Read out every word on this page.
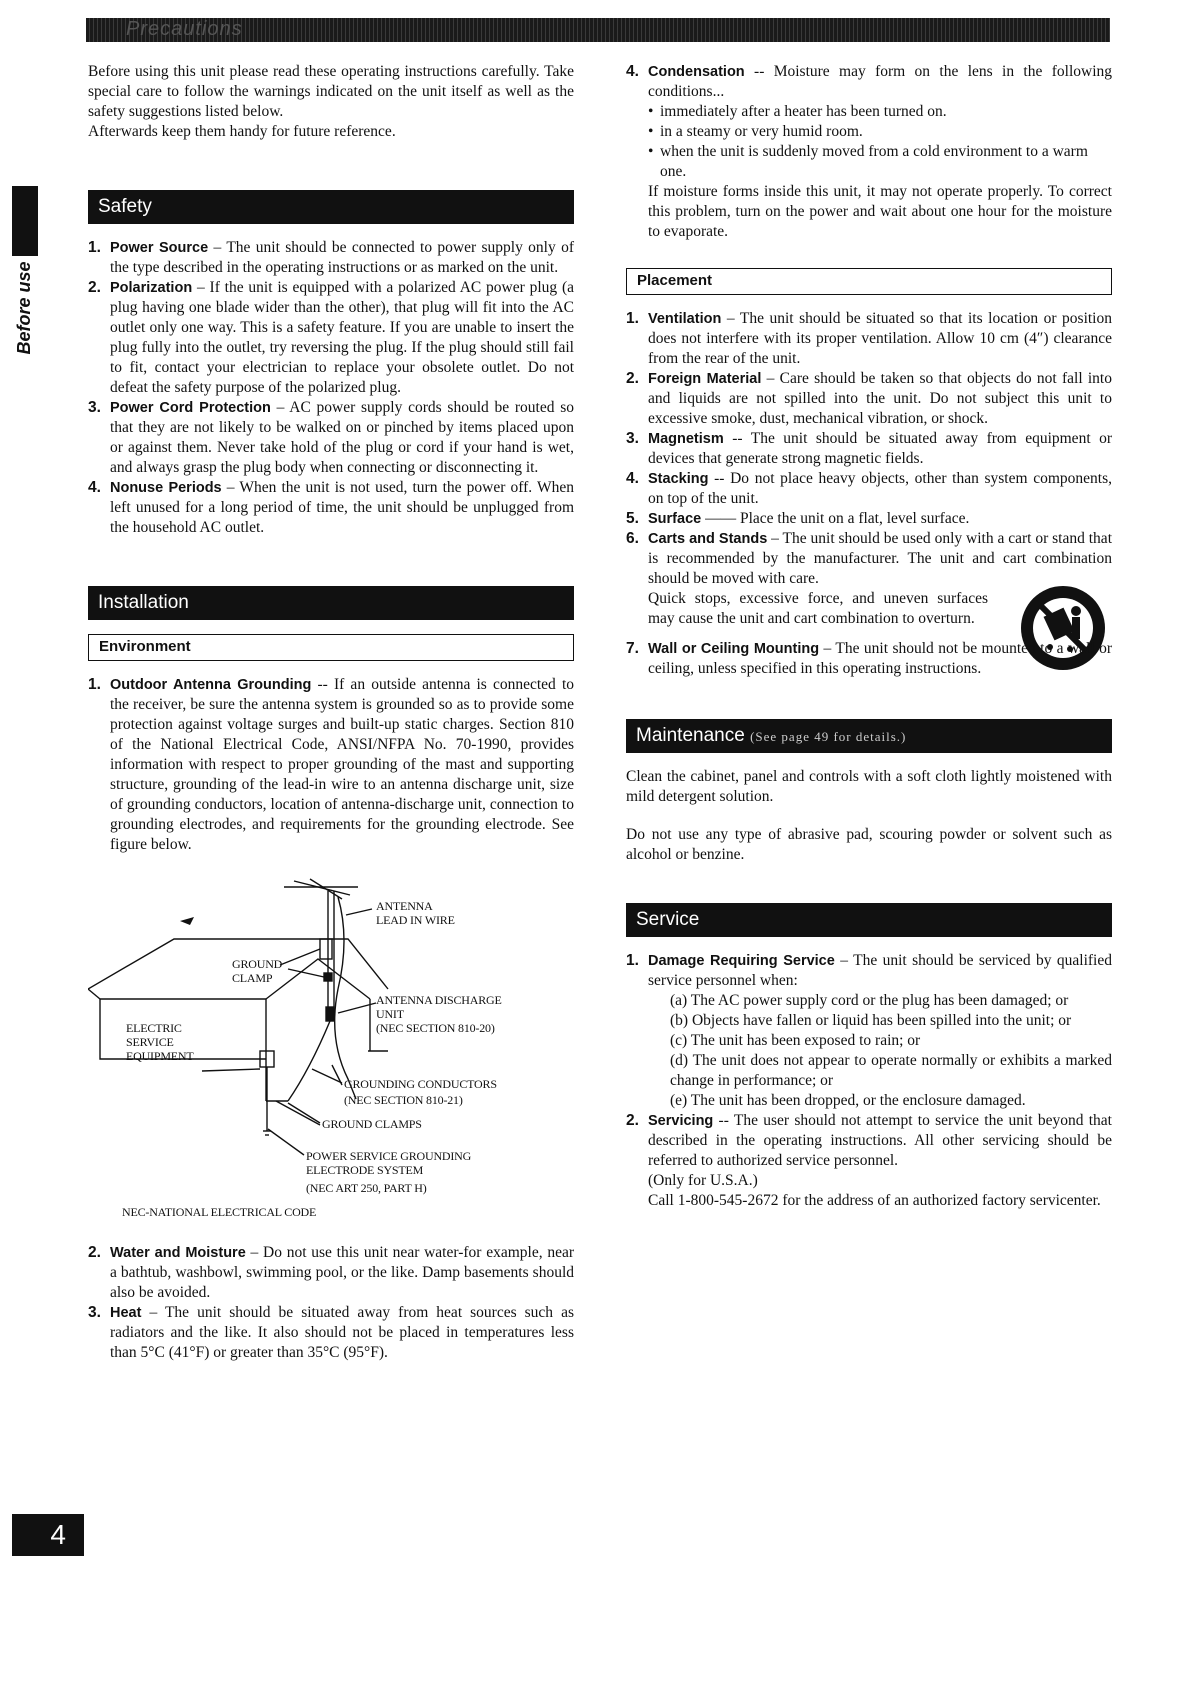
Precautions
Before use

Before using this unit please read these operating instructions carefully. Take special care to follow the warnings indicated on the unit itself as well as the safety suggestions listed below.

Afterwards keep them handy for future reference.

Safety
1. Power Source – The unit should be connected to power supply only of the type described in the operating instructions or as marked on the unit.
2. Polarization – If the unit is equipped with a polarized AC power plug (a plug having one blade wider than the other), that plug will fit into the AC outlet only one way. This is a safety feature. If you are unable to insert the plug fully into the outlet, try reversing the plug. If the plug should still fail to fit, contact your electrician to replace your obsolete outlet. Do not defeat the safety purpose of the polarized plug.
3. Power Cord Protection – AC power supply cords should be routed so that they are not likely to be walked on or pinched by items placed upon or against them. Never take hold of the plug or cord if your hand is wet, and always grasp the plug body when connecting or disconnecting it.
4. Nonuse Periods – When the unit is not used, turn the power off. When left unused for a long period of time, the unit should be unplugged from the household AC outlet.
Installation
Environment
1. Outdoor Antenna Grounding -- If an outside antenna is connected to the receiver, be sure the antenna system is grounded so as to provide some protection against voltage surges and built-up static charges. Section 810 of the National Electrical Code, ANSI/NFPA No. 70-1990, provides information with respect to proper grounding of the mast and supporting structure, grounding of the lead-in wire to an antenna discharge unit, size of grounding conductors, location of antenna-discharge unit, connection to grounding electrodes, and requirements for the grounding electrode. See figure below.
ANTENNA LEAD IN WIRE
GROUND CLAMP
ANTENNA DISCHARGE UNIT
(NEC SECTION 810-20)
ELECTRIC SERVICE EQUIPMENT
GROUNDING CONDUCTORS
(NEC SECTION 810-21)
GROUND CLAMPS
POWER SERVICE GROUNDING ELECTRODE SYSTEM
(NEC ART 250, PART H)
NEC-NATIONAL ELECTRICAL CODE
2. Water and Moisture – Do not use this unit near water-for example, near a bathtub, washbowl, swimming pool, or the like. Damp basements should also be avoided.
3. Heat – The unit should be situated away from heat sources such as radiators and the like. It also should not be placed in temperatures less than 5°C (41°F) or greater than 35°C (95°F).
4. Condensation -- Moisture may form on the lens in the following conditions...
• immediately after a heater has been turned on.
• in a steamy or very humid room.
• when the unit is suddenly moved from a cold environment to a warm one.

If moisture forms inside this unit, it may not operate properly. To correct this problem, turn on the power and wait about one hour for the moisture to evaporate.

Placement
1. Ventilation – The unit should be situated so that its location or position does not interfere with its proper ventilation. Allow 10 cm (4″) clearance from the rear of the unit.
2. Foreign Material – Care should be taken so that objects do not fall into and liquids are not spilled into the unit. Do not subject this unit to excessive smoke, dust, mechanical vibration, or shock.
3. Magnetism -- The unit should be situated away from equipment or devices that generate strong magnetic fields.
4. Stacking -- Do not place heavy objects, other than system components, on top of the unit.
5. Surface —— Place the unit on a flat, level surface.
6. Carts and Stands – The unit should be used only with a cart or stand that is recommended by the manufacturer. The unit and cart combination should be moved with care.
Quick stops, excessive force, and uneven surfaces may cause the unit and cart combination to overturn.
7. Wall or Ceiling Mounting – The unit should not be mounted to a wall or ceiling, unless specified in this operating instructions.
Maintenance (See page 49 for details.)

Clean the cabinet, panel and controls with a soft cloth lightly moistened with mild detergent solution.

Do not use any type of abrasive pad, scouring powder or solvent such as alcohol or benzine.

Service
1. Damage Requiring Service – The unit should be serviced by qualified service personnel when:
(a) The AC power supply cord or the plug has been damaged; or
(b) Objects have fallen or liquid has been spilled into the unit; or
(c) The unit has been exposed to rain; or
(d) The unit does not appear to operate normally or exhibits a marked change in performance; or
(e) The unit has been dropped, or the enclosure damaged.
2. Servicing -- The user should not attempt to service the unit beyond that described in the operating instructions. All other servicing should be referred to authorized service personnel.
(Only for U.S.A.)
Call 1-800-545-2672 for the address of an authorized factory servicenter.
4
